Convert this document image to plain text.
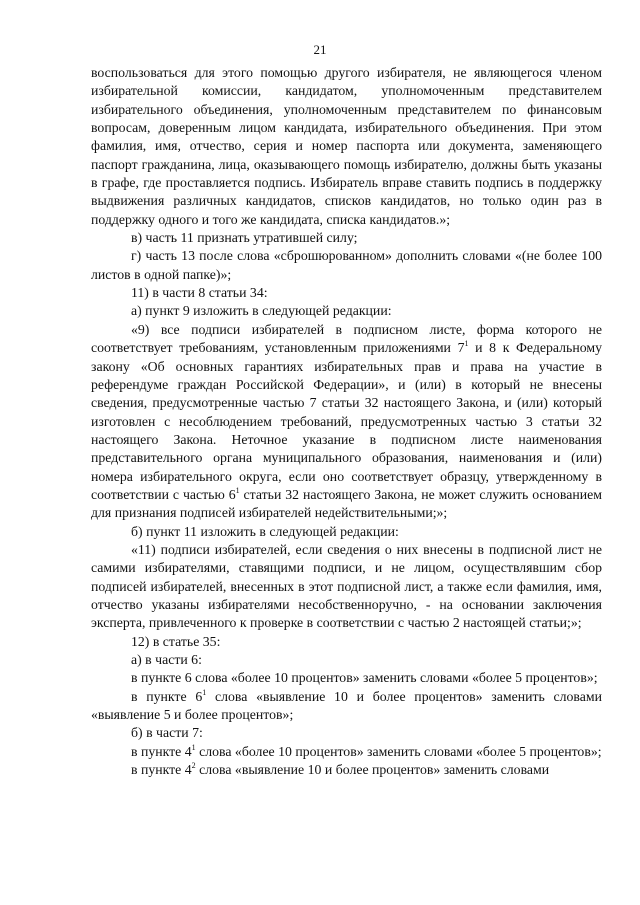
21

воспользоваться для этого помощью другого избирателя, не являющегося членом избирательной комиссии, кандидатом, уполномоченным представителем избирательного объединения, уполномоченным представителем по финансовым вопросам, доверенным лицом кандидата, избирательного объединения. При этом фамилия, имя, отчество, серия и номер паспорта или документа, заменяющего паспорт гражданина, лица, оказывающего помощь избирателю, должны быть указаны в графе, где проставляется подпись. Избиратель вправе ставить подпись в поддержку выдвижения различных кандидатов, списков кандидатов, но только один раз в поддержку одного и того же кандидата, списка кандидатов.»;

в) часть 11 признать утратившей силу;

г) часть 13 после слова «сброшюрованном» дополнить словами «(не более 100 листов в одной папке)»;

11) в части 8 статьи 34:

а) пункт 9 изложить в следующей редакции:

«9) все подписи избирателей в подписном листе, форма которого не соответствует требованиям, установленным приложениями $7^1$ и 8 к Федеральному закону «Об основных гарантиях избирательных прав и права на участие в референдуме граждан Российской Федерации», и (или) в который не внесены сведения, предусмотренные частью 7 статьи 32 настоящего Закона, и (или) который изготовлен с несоблюдением требований, предусмотренных частью 3 статьи 32 настоящего Закона. Неточное указание в подписном листе наименования представительного органа муниципального образования, наименования и (или) номера избирательного округа, если оно соответствует образцу, утвержденному в соответствии с частью $6^1$ статьи 32 настоящего Закона, не может служить основанием для признания подписей избирателей недействительными;»;

б) пункт 11 изложить в следующей редакции:

«11) подписи избирателей, если сведения о них внесены в подписной лист не самими избирателями, ставящими подписи, и не лицом, осуществлявшим сбор подписей избирателей, внесенных в этот подписной лист, а также если фамилия, имя, отчество указаны избирателями несобственноручно, - на основании заключения эксперта, привлеченного к проверке в соответствии с частью 2 настоящей статьи;»;

12) в статье 35:

а) в части 6:

в пункте 6 слова «более 10 процентов» заменить словами «более 5 процентов»;

в пункте $6^1$ слова «выявление 10 и более процентов» заменить словами «выявление 5 и более процентов»;

б) в части 7:

в пункте $4^1$ слова «более 10 процентов» заменить словами «более 5 процентов»;

в пункте $4^2$ слова «выявление 10 и более процентов» заменить словами
